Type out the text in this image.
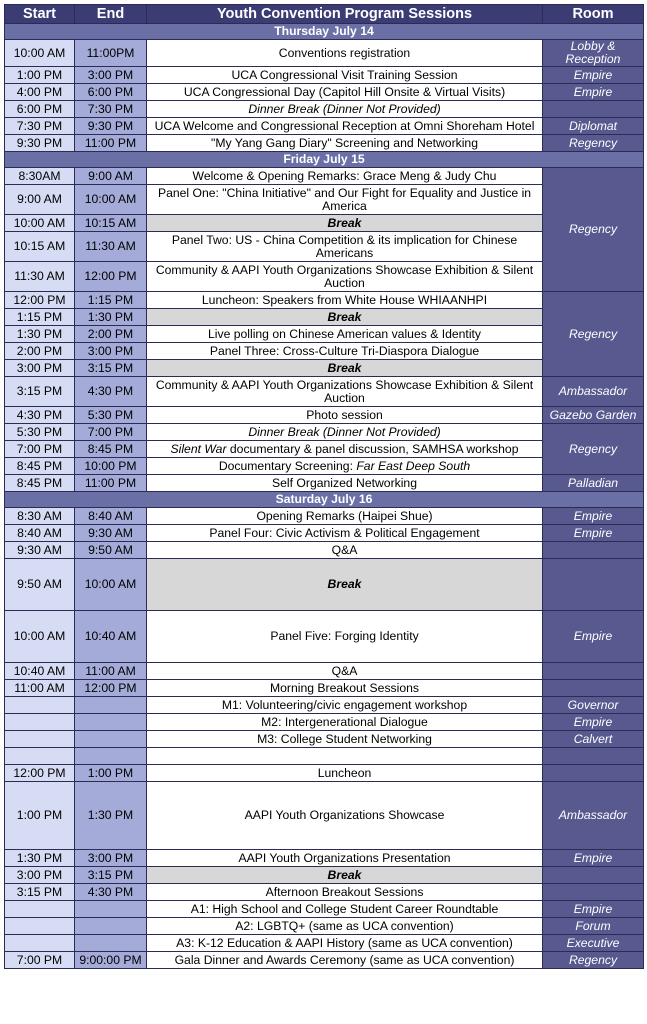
Start	End	Youth Convention Program Sessions	Room
Thursday July 14			
10:00 AM	11:00PM	Conventions registration	Lobby & Reception
1:00 PM	3:00 PM	UCA Congressional Visit Training Session	Empire
4:00 PM	6:00 PM	UCA Congressional Day (Capitol Hill Onsite & Virtual Visits)	Empire
6:00 PM	7:30 PM	Dinner Break (Dinner Not Provided)	
7:30 PM	9:30 PM	UCA Welcome and Congressional Reception at Omni Shoreham Hotel	Diplomat
9:30 PM	11:00 PM	"My Yang Gang Diary" Screening and Networking	Regency
Friday July 15			
8:30AM	9:00 AM	Welcome & Opening Remarks: Grace Meng & Judy Chu	Regency
9:00 AM	10:00 AM	Panel One: "China Initiative" and Our Fight for Equality and Justice in America	
10:00 AM	10:15 AM	Break	
10:15 AM	11:30 AM	Panel Two: US - China Competition & its implication for Chinese Americans	
11:30 AM	12:00 PM	Community & AAPI Youth Organizations Showcase Exhibition & Silent Auction	
12:00 PM	1:15 PM	Luncheon: Speakers from White House WHIAANHPI	Regency
1:15 PM	1:30 PM	Break	
1:30 PM	2:00 PM	Live polling on Chinese American values & Identity	
2:00 PM	3:00 PM	Panel Three: Cross-Culture Tri-Diaspora Dialogue	
3:00 PM	3:15 PM	Break	
3:15 PM	4:30 PM	Community & AAPI Youth Organizations Showcase Exhibition & Silent Auction	Ambassador
4:30 PM	5:30 PM	Photo session	Gazebo Garden
5:30 PM	7:00 PM	Dinner Break (Dinner Not Provided)	Regency
7:00 PM	8:45 PM	Silent War documentary & panel discussion, SAMHSA workshop	
8:45 PM	10:00 PM	Documentary Screening: Far East Deep South	
8:45 PM	11:00 PM	Self Organized Networking	Palladian
Saturday July 16			
8:30 AM	8:40 AM	Opening Remarks (Haipei Shue)	Empire
8:40 AM	9:30 AM	Panel Four: Civic Activism & Political Engagement	Empire
9:30 AM	9:50 AM	Q&A	
9:50 AM	10:00 AM	Break	
10:00 AM	10:40 AM	Panel Five: Forging Identity	Empire
10:40 AM	11:00 AM	Q&A	
11:00 AM	12:00 PM	Morning Breakout Sessions	
		M1: Volunteering/civic engagement workshop	Governor
		M2: Intergenerational Dialogue	Empire
		M3: College Student Networking	Calvert

12:00 PM	1:00 PM	Luncheon	
1:00 PM	1:30 PM	AAPI Youth Organizations Showcase	Ambassador
1:30 PM	3:00 PM	AAPI Youth Organizations Presentation	Empire
3:00 PM	3:15 PM	Break	
3:15 PM	4:30 PM	Afternoon Breakout Sessions	
		A1: High School and College Student Career Roundtable	Empire
		A2: LGBTQ+ (same as UCA convention)	Forum
		A3: K-12 Education & AAPI History (same as UCA convention)	Executive
7:00 PM	9:00:00 PM	Gala Dinner and Awards Ceremony (same as UCA convention)	Regency
